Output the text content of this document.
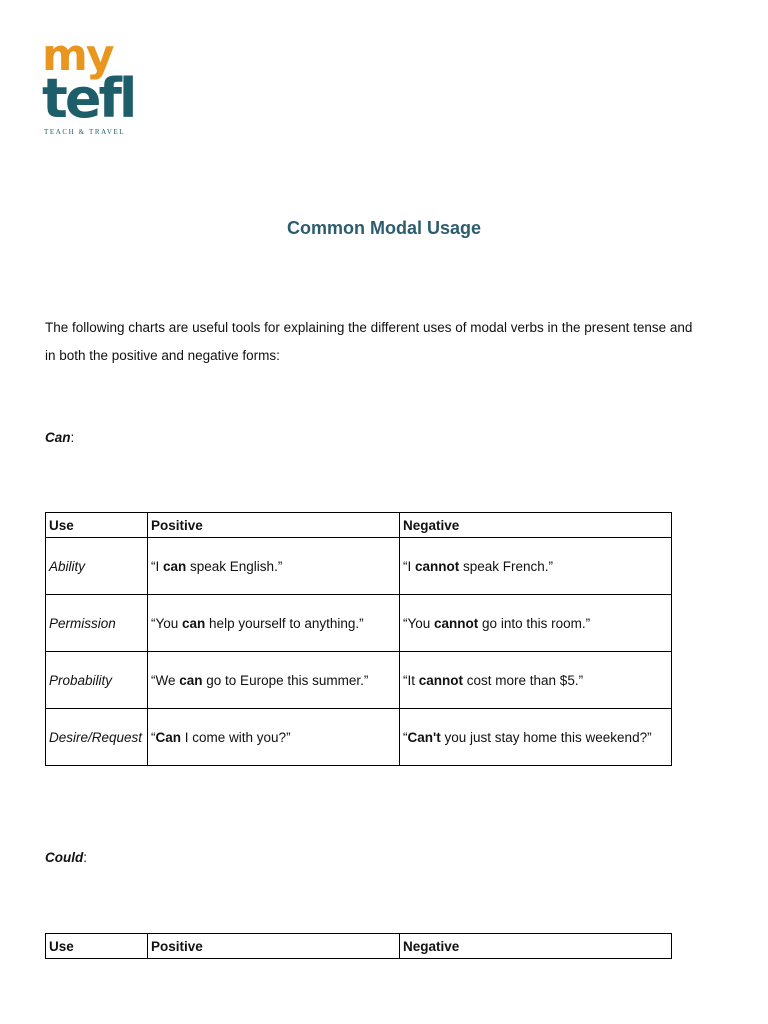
my
tefl
TEACH & TRAVEL
Common Modal Usage
The following charts are useful tools for explaining the different uses of modal verbs in the present tense and
in both the positive and negative forms:
Can:
Use	Positive	Negative
Ability	“I can speak English.”	“I cannot speak French.”
Permission	“You can help yourself to anything.”	“You cannot go into this room.”
Probability	“We can go to Europe this summer.”	“It cannot cost more than $5.”
Desire/Request	“Can I come with you?”	“Can't you just stay home this weekend?”
Could:
Use	Positive	Negative
